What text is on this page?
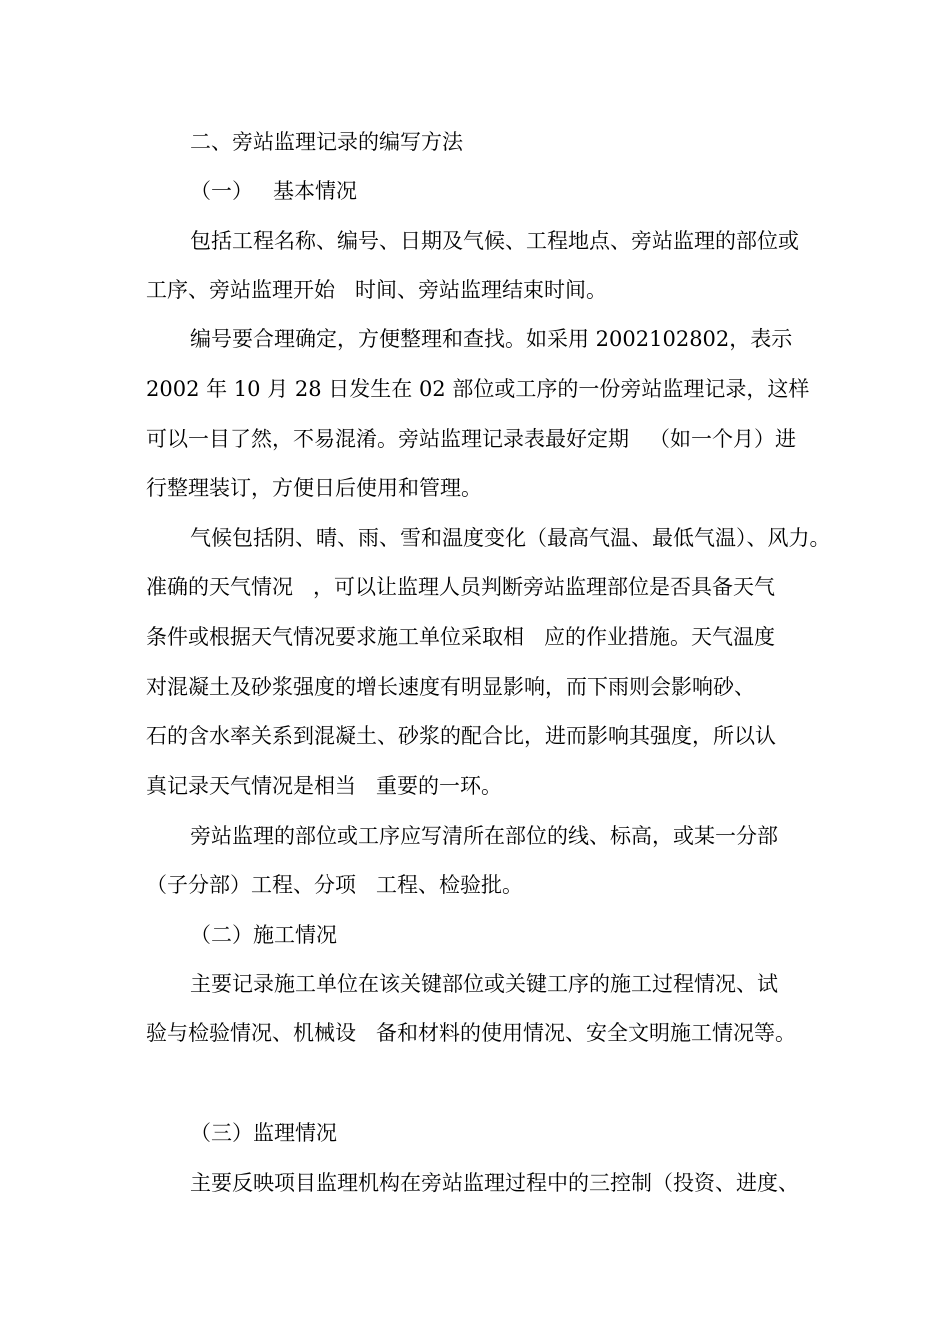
二、旁站监理记录的编写方法
（一）   基本情况
包括工程名称、编号、日期及气候、工程地点、旁站监理的部位或
工序、旁站监理开始   时间、旁站监理结束时间。
编号要合理确定，方便整理和查找。如采用 2002102802，表示
2002 年 10 月 28 日发生在 02 部位或工序的一份旁站监理记录，这样
可以一目了然，不易混淆。旁站监理记录表最好定期   （如一个月）进
行整理装订，方便日后使用和管理。
气候包括阴、晴、雨、雪和温度变化（最高气温、最低气温）、风力。
准确的天气情况   ，可以让监理人员判断旁站监理部位是否具备天气
条件或根据天气情况要求施工单位采取相   应的作业措施。天气温度
对混凝土及砂浆强度的增长速度有明显影响，而下雨则会影响砂、
石的含水率关系到混凝土、砂浆的配合比，进而影响其强度，所以认
真记录天气情况是相当   重要的一环。
旁站监理的部位或工序应写清所在部位的线、标高，或某一分部
（子分部）工程、分项   工程、检验批。
（二）施工情况
主要记录施工单位在该关键部位或关键工序的施工过程情况、试
验与检验情况、机械设   备和材料的使用情况、安全文明施工情况等。
（三）监理情况
主要反映项目监理机构在旁站监理过程中的三控制（投资、进度、
